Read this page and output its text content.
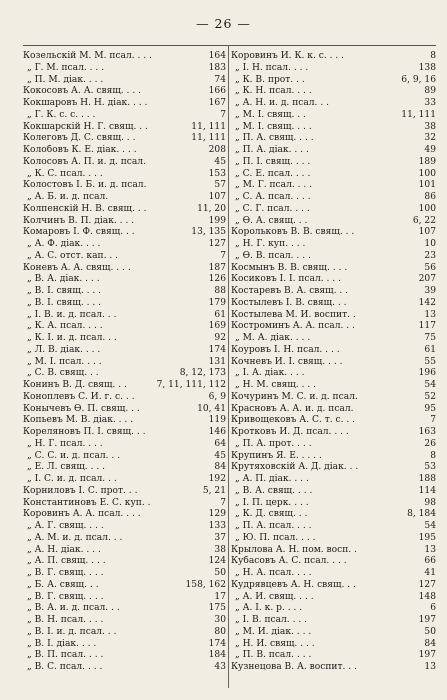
— 26 —
Козельскій М. М. псал. . . .	164
„ Г. М. псал. . . .	183
„ П. М. діак. . . .	74
Кокосовъ А. А. свящ. . . .	166
Кокшаровъ Н. Н. діак. . . .	167
„ Г. К. с. с. . . .	7
Кокшарскій Н. Г. свящ. . .	11, 111
Колеговъ Д. С. свящ. . .	11, 111
Колобовъ К. Е. діак. . . .	208
Колосовъ А. П. и. д. псал.	45
„ К. С. псал. . . .	153
Колостовъ І. Б. и. д. псал.	57
„ А. Б. и. д. псал.	107
Колпенскій Н. В. свящ. . .	11, 20
Колчинъ В. П. діак. . . .	199
Комаровъ І. Ф. свящ. . .	13, 135
„ А. Ф. діак. . . .	127
„ А. С. отст. кап. . .	7
Коневъ А. А. свящ. . . .	187
„ В. А. діак. . . .	126
„ В. І. свящ. . . .	88
„ В. І. свящ. . . .	179
„ І. В. и. д. псал. . .	61
„ К. А. псал. . . .	169
„ К. І. и. д. псал. . .	92
„ Л. В. діак. . . .	174
„ М. І. псал. . . .	131
„ С. В. свящ. . .	8, 12, 173
Конинъ В. Д. свящ. . .	7, 11, 111, 112
Коноплевъ С. И. г. с. . .	6, 9
Конычевъ Ѳ. П. свящ. . .	10, 41
Копьевъ М. В. діак. . . .	119
Кореляновъ П. І. свящ. . .	146
„ Н. Г. псал. . . .	64
„ С. С. и. д. псал. . .	45
„ Е. Л. свящ. . . .	84
„ І. С. и. д. псал. . .	192
Корниловъ І. С. прот. . .	5, 21
Константиновъ Е. С. куп. .	7
Коровинъ А. А. псал. . . .	129
„ А. Г. свящ. . . .	133
„ А. М. и. д. псал. . .	37
„ А. Н. діак. . . .	38
„ А. П. свящ. . . .	124
„ В. Г. свящ. . . .	50
„ Б. А. свящ. . .	158, 162
„ В. Г. свящ. . . .	17
„ В. А. и. д. псал. . .	175
„ В. Н. псал. . . .	30
„ В. І. и. д. псал. . .	80
„ В. І. діак. . . .	174
„ В. П. псал. . . .	184
„ В. С. псал. . . .	43
Коровинъ И. К. к. с. . . .	8
„ І. Н. псал. . . .	138
„ К. В. прот. . .	6, 9, 16
„ К. Н. псал. . . .	89
„ А. Н. и. д. псал. . .	33
„ М. І. свящ. . .	11, 111
„ М. І. свящ. . . .	38
„ П. А. свящ. . . .	32
„ П. А. діак. . . .	49
„ П. І. свящ. . . .	189
„ С. Е. псал. . . .	100
„ М. Г. псал. . . .	101
„ С. А. псал. . . .	86
„ С. Г. псал. . . .	100
„ Ѳ. А. свящ. . .	6, 22
Корольковъ В. В. свящ. . .	107
„ Н. Г. куп. . . .	10
„ Ѳ. В. псал. . . .	23
Космынъ В. В. свящ. . . .	56
Косиковъ І. І. псал. . . .	207
Костаревъ В. А. свящ. . .	39
Костылевъ І. В. свящ. . .	142
Костылева М. И. воспит. .	13
Костроминъ А. А. псал. . .	117
„ М. А. діак. . . .	75
Коуровъ І. Н. псал. . . .	61
Кочневъ И. І. свящ. . . .	55
„ І. А. діак. . . .	196
„ Н. М. свящ. . . .	54
Кочуринъ М. С. и. д. псал.	52
Красновъ А. А. и. д. псал.	95
Кривощековъ А. С. т. с. . .	7
Кротковъ И. Д. псал. . . .	163
„ П. А. прот. . . .	26
Крупинъ Я. Е. . . . .	8
Крутяховскій А. Д. діак. . .	53
„ А. П. діак. . . .	188
„ В. А. свящ. . . .	114
„ І. П. церк. . . .	98
„ К. Д. свящ. . .	8, 184
„ П. А. псал. . . .	54
„ Ю. П. псал. . . .	195
Крылова А. Н. пом. восп. .	13
Кубасовъ А. С. псал. . . .	66
„ Н. А. псал. . . .	41
Кудрявцевъ А. Н. свящ. . .	127
„ А. И. свящ. . . .	148
„ А. І. к. р. . . .	6
„ І. В. псал. . . .	197
„ М. И. діак. . . .	50
„ Н. И. свящ. . . .	84
„ П. В. псал. . . .	197
Кузнецова В. А. воспит. . .	13
